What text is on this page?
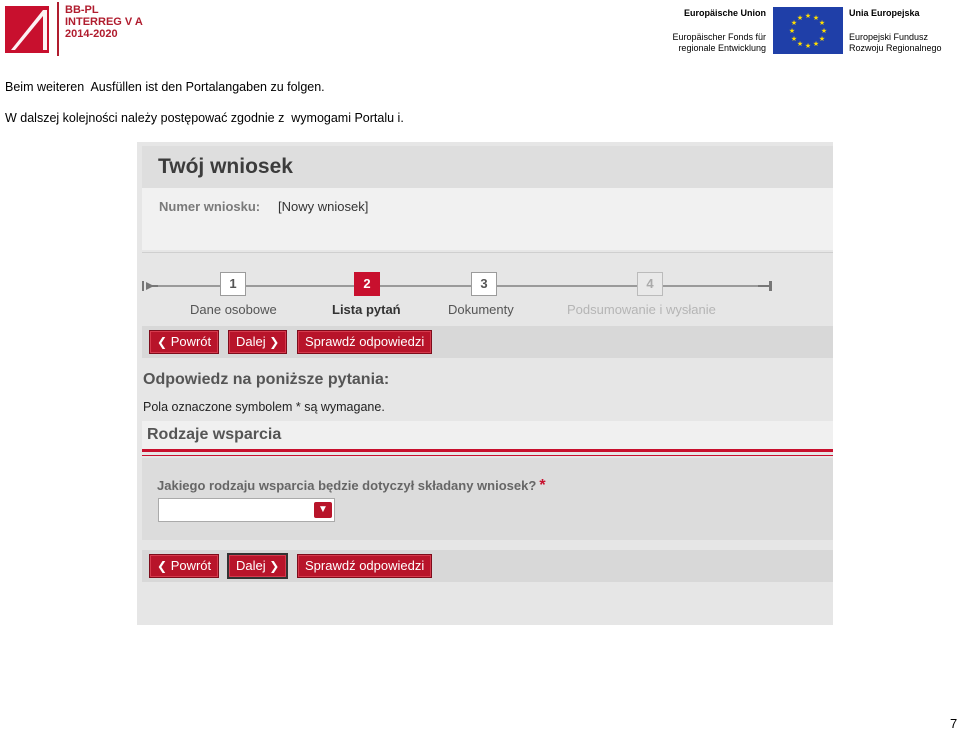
BB-PL
INTERREG V A
2014-2020
Europäische Union
Europäischer Fonds für
regionale Entwicklung
★ ★
★
★
★
★
★
★
★
★
★
★	Unia Europejska
Europejski Fundusz
Rozwoju Regionalnego
Beim weiteren  Ausfüllen ist den Portalangaben zu folgen.
W dalszej kolejności należy postępować zgodnie z  wymogami Portalu i.
Twój wniosek
Numer wniosku: [Nowy wniosek]
1	2	3	4
Dane osobowe	Lista pytań	Dokumenty	Podsumowanie i wysłanie
❮ Powrót	Dalej ❯	Sprawdź odpowiedzi
Odpowiedz na poniższe pytania:
Pola oznaczone symbolem * są wymagane.
Rodzaje wsparcia
Jakiego rodzaju wsparcia będzie dotyczył składany wniosek? *
▼
❮ Powrót	Dalej ❯	Sprawdź odpowiedzi
7
